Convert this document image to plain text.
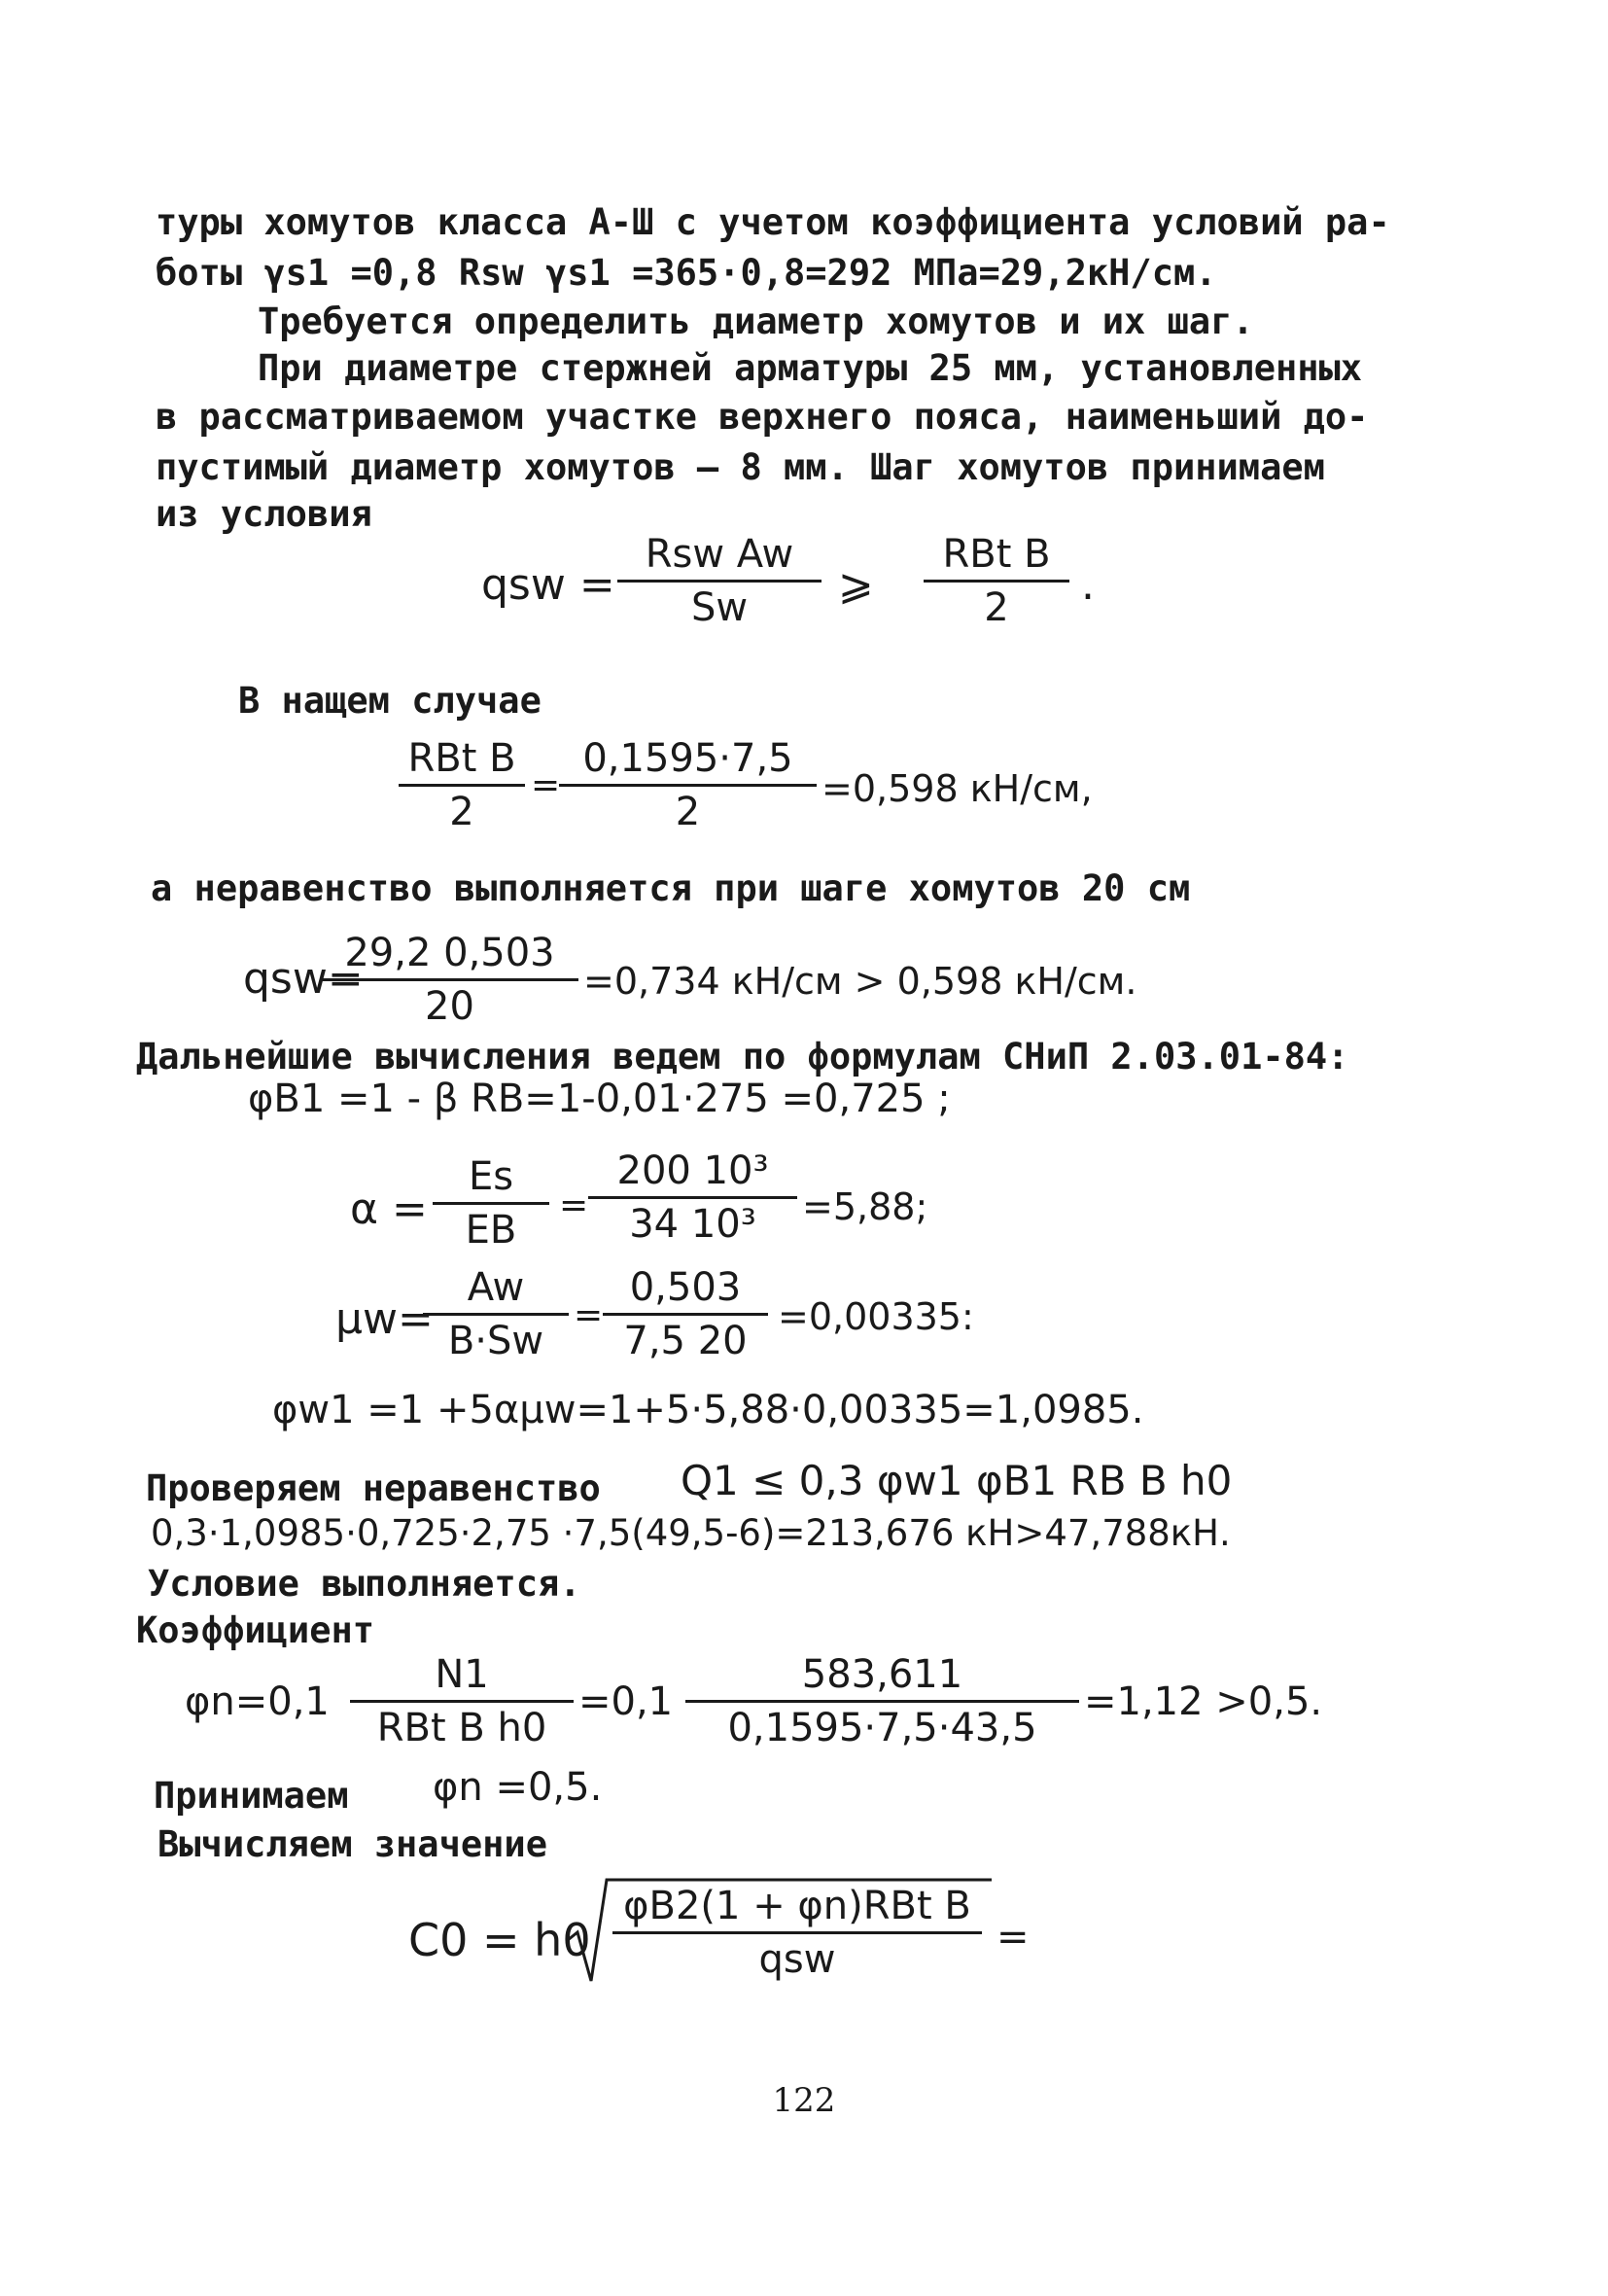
туры хомутов класса А-Ш с учетом коэффициента условий ра-
боты γs1 =0,8 Rsw γs1 =365·0,8=292 МПа=29,2кН/см.
Требуется определить диаметр хомутов и их шаг.
При диаметре стержней арматуры 25 мм, установленных
в рассматриваемом участке верхнего пояса, наименьший до-
пустимый диаметр хомутов – 8 мм. Шаг хомутов принимаем
из условия
qsw =
Rsw Aw
Sw	⩾
RBt B
2	.
В нащем случае
RBt B
2
=
$\frac{0,1595\cdot 7,5}{2} =0,598$ кН/см,
а неравенство выполняется при шаге хомутов 20 см
qsw=
$\frac{29,2 0,503}{20} =0,734$ кН/см > 0,598 кН/см.
Дальнейшие вычисления ведем по формулам СНиП 2.03.01-84:
φB1 =1 - β RB=1-0,01·275 =0,725 ;
$\alpha = \frac{Es}{EB} = \frac{\text{200 10³}}{\text{34 10³}} =5,88$;
μw=
$\frac{Aw}{B\cdot Sw} = \frac{0,503}{7,5 20} =0,00335$:
φw1 =1 +5αμw=1+5·5,88·0,00335=1,0985.
Проверяем неравенство Q1 ≤ 0,3 φw1 φB1 RB B h0
0,3·1,0985·0,725·2,75 ·7,5(49,5-6)=213,676 кН>47,788кН.
Условие выполняется.
Коэффициент
φn=0,1
N1
RBt B h0
$=0,1 \frac{583,611}{0,1595\cdot 7,5\cdot 43,5} =1,12 >0,5$.
Принимаем φn =0,5.
Вычисляем значение
C0 = h0
φB2(1 + φn)RBt B
qsw	=
122
